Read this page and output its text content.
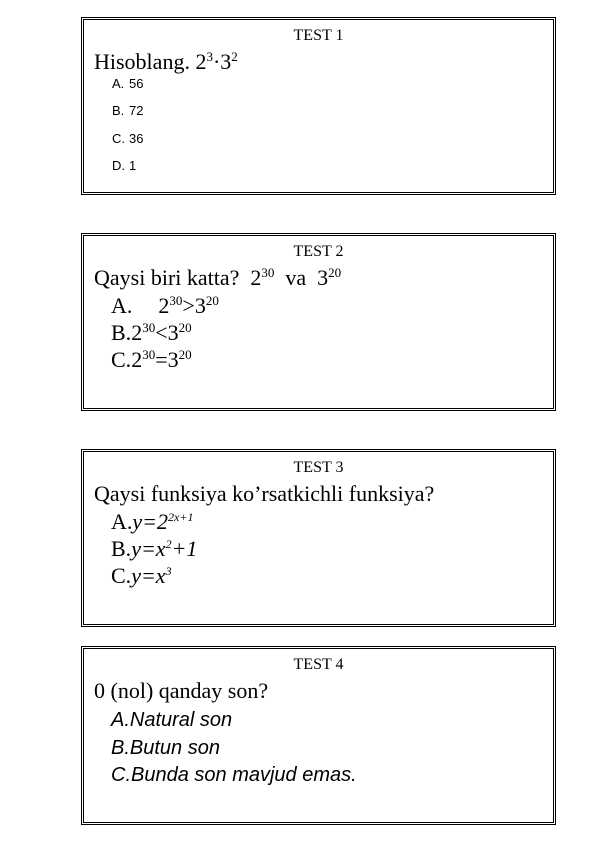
TEST 1
Hisoblang. $2^3\cdot 3^2$
A. 56
B. 72
C. 36
D. 1
TEST 2
Qaysi biri katta? $2^{30}$ va $3^{20}$
A. $2^{30}>3^{20}$
$B.2^{30}<3^{20}$
$C.2^{30}=3^{20}$
TEST 3
Qaysi funksiya ko’rsatkichli funksiya?
$A.y=2^{2x+1}$
$B.y=x^2+1$
$C.y=x^3$
TEST 4
0 (nol) qanday son?
A.Natural son
B.Butun son
C.Bunda son mavjud emas.
